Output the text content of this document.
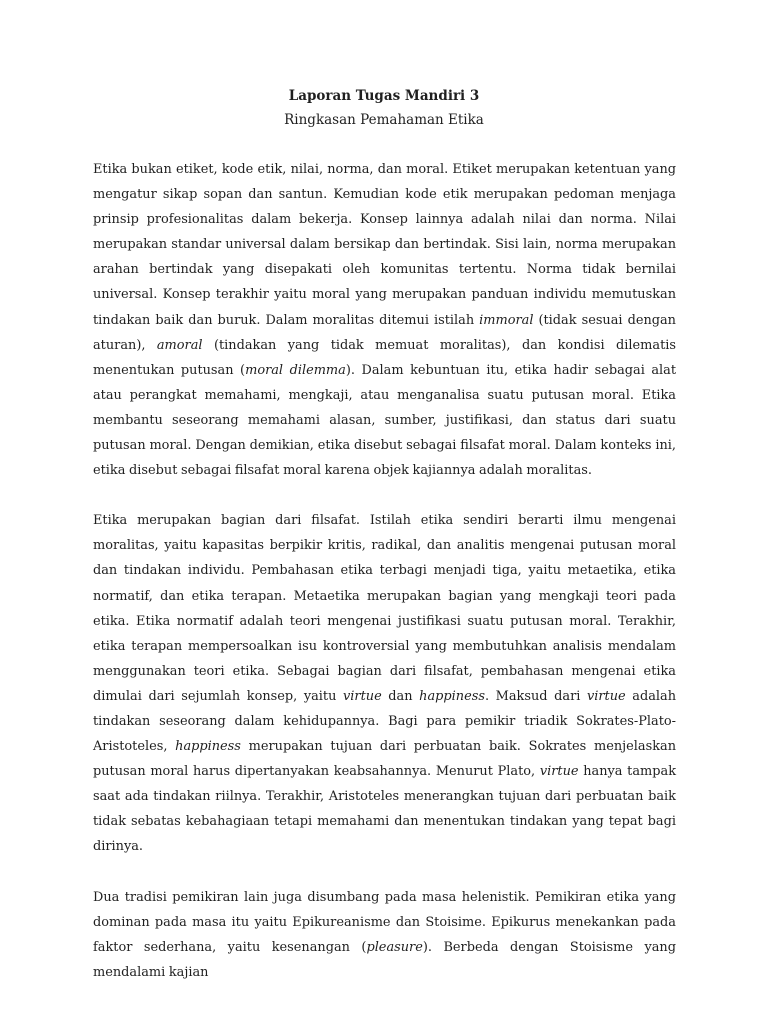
Laporan Tugas Mandiri 3

Ringkasan Pemahaman Etika

Etika bukan etiket, kode etik, nilai, norma, dan moral. Etiket merupakan ketentuan yang mengatur sikap sopan dan santun. Kemudian kode etik merupakan pedoman menjaga prinsip profesionalitas dalam bekerja. Konsep lainnya adalah nilai dan norma. Nilai merupakan standar universal dalam bersikap dan bertindak. Sisi lain, norma merupakan arahan bertindak yang disepakati oleh komunitas tertentu. Norma tidak bernilai universal. Konsep terakhir yaitu moral yang merupakan panduan individu memutuskan tindakan baik dan buruk. Dalam moralitas ditemui istilah immoral (tidak sesuai dengan aturan), amoral (tindakan yang tidak memuat moralitas), dan kondisi dilematis menentukan putusan (moral dilemma). Dalam kebuntuan itu, etika hadir sebagai alat atau perangkat memahami, mengkaji, atau menganalisa suatu putusan moral. Etika membantu seseorang memahami alasan, sumber, justifikasi, dan status dari suatu putusan moral. Dengan demikian, etika disebut sebagai filsafat moral. Dalam konteks ini, etika disebut sebagai filsafat moral karena objek kajiannya adalah moralitas.

Etika merupakan bagian dari filsafat. Istilah etika sendiri berarti ilmu mengenai moralitas, yaitu kapasitas berpikir kritis, radikal, dan analitis mengenai putusan moral dan tindakan individu. Pembahasan etika terbagi menjadi tiga, yaitu metaetika, etika normatif, dan etika terapan. Metaetika merupakan bagian yang mengkaji teori pada etika. Etika normatif adalah teori mengenai justifikasi suatu putusan moral. Terakhir, etika terapan mempersoalkan isu kontroversial yang membutuhkan analisis mendalam menggunakan teori etika. Sebagai bagian dari filsafat, pembahasan mengenai etika dimulai dari sejumlah konsep, yaitu virtue dan happiness. Maksud dari virtue adalah tindakan seseorang dalam kehidupannya. Bagi para pemikir triadik Sokrates-Plato-Aristoteles, happiness merupakan tujuan dari perbuatan baik. Sokrates menjelaskan putusan moral harus dipertanyakan keabsahannya. Menurut Plato, virtue hanya tampak saat ada tindakan riilnya. Terakhir, Aristoteles menerangkan tujuan dari perbuatan baik tidak sebatas kebahagiaan tetapi memahami dan menentukan tindakan yang tepat bagi dirinya.

Dua tradisi pemikiran lain juga disumbang pada masa helenistik. Pemikiran etika yang dominan pada masa itu yaitu Epikureanisme dan Stoisime. Epikurus menekankan pada faktor sederhana, yaitu kesenangan (pleasure). Berbeda dengan Stoisisme yang mendalami kajian
